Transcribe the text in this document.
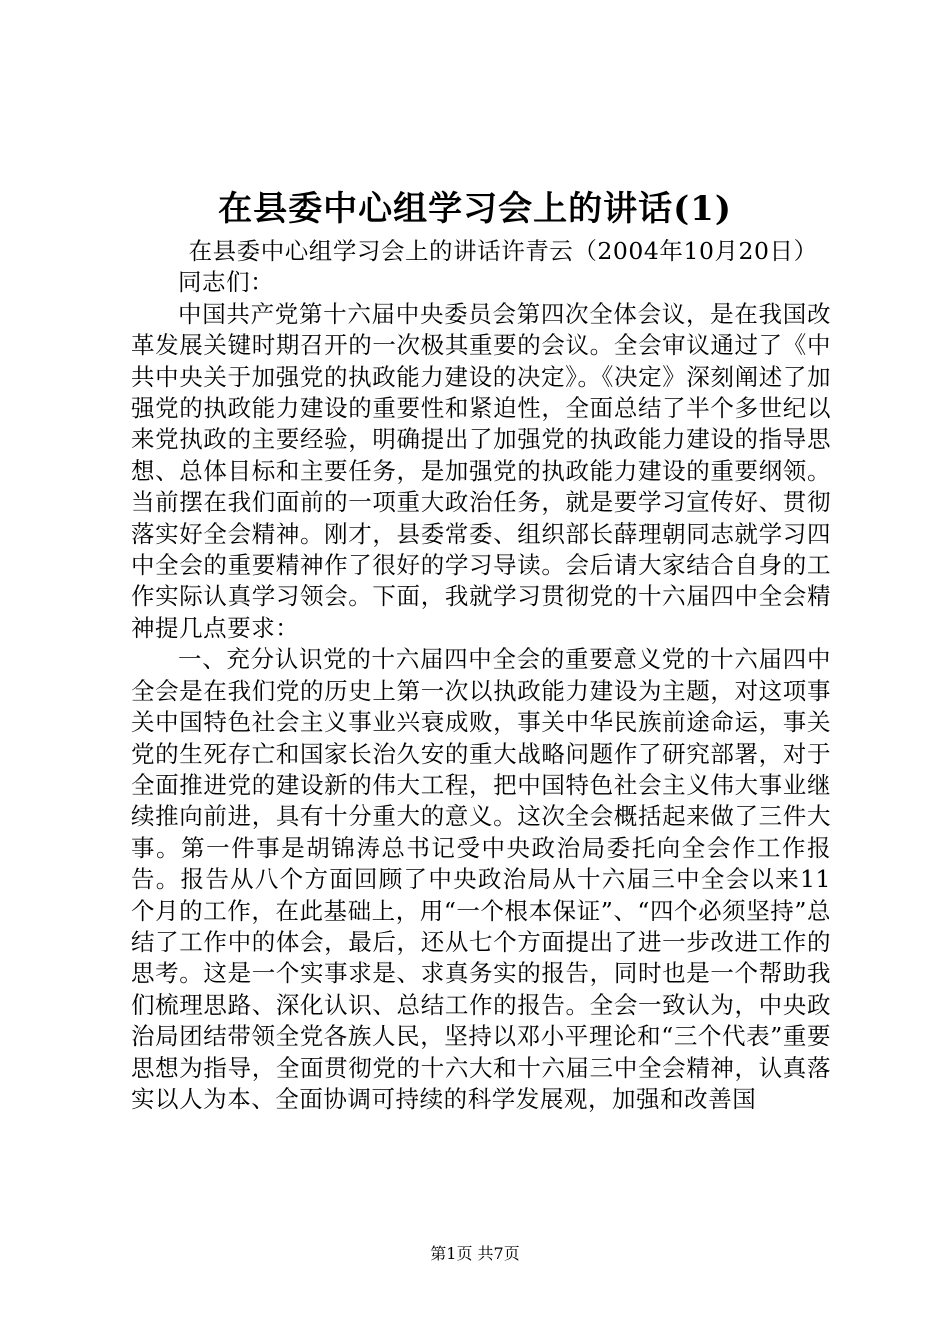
在县委中心组学习会上的讲话(1)

在县委中心组学习会上的讲话许青云（2004年10月20日）

同志们：

中国共产党第十六届中央委员会第四次全体会议，是在我国改革发展关键时期召开的一次极其重要的会议。全会审议通过了《中共中央关于加强党的执政能力建设的决定》。《决定》深刻阐述了加强党的执政能力建设的重要性和紧迫性，全面总结了半个多世纪以来党执政的主要经验，明确提出了加强党的执政能力建设的指导思想、总体目标和主要任务，是加强党的执政能力建设的重要纲领。当前摆在我们面前的一项重大政治任务，就是要学习宣传好、贯彻落实好全会精神。刚才，县委常委、组织部长薛理朝同志就学习四中全会的重要精神作了很好的学习导读。会后请大家结合自身的工作实际认真学习领会。下面，我就学习贯彻党的十六届四中全会精神提几点要求：

一、充分认识党的十六届四中全会的重要意义党的十六届四中全会是在我们党的历史上第一次以执政能力建设为主题，对这项事关中国特色社会主义事业兴衰成败，事关中华民族前途命运，事关党的生死存亡和国家长治久安的重大战略问题作了研究部署，对于全面推进党的建设新的伟大工程，把中国特色社会主义伟大事业继续推向前进，具有十分重大的意义。这次全会概括起来做了三件大事。第一件事是胡锦涛总书记受中央政治局委托向全会作工作报告。报告从八个方面回顾了中央政治局从十六届三中全会以来11个月的工作，在此基础上，用“一个根本保证”、“四个必须坚持”总结了工作中的体会，最后，还从七个方面提出了进一步改进工作的思考。这是一个实事求是、求真务实的报告，同时也是一个帮助我们梳理思路、深化认识、总结工作的报告。全会一致认为，中央政治局团结带领全党各族人民，坚持以邓小平理论和“三个代表”重要思想为指导，全面贯彻党的十六大和十六届三中全会精神，认真落实以人为本、全面协调可持续的科学发展观，加强和改善国

第1页 共7页
